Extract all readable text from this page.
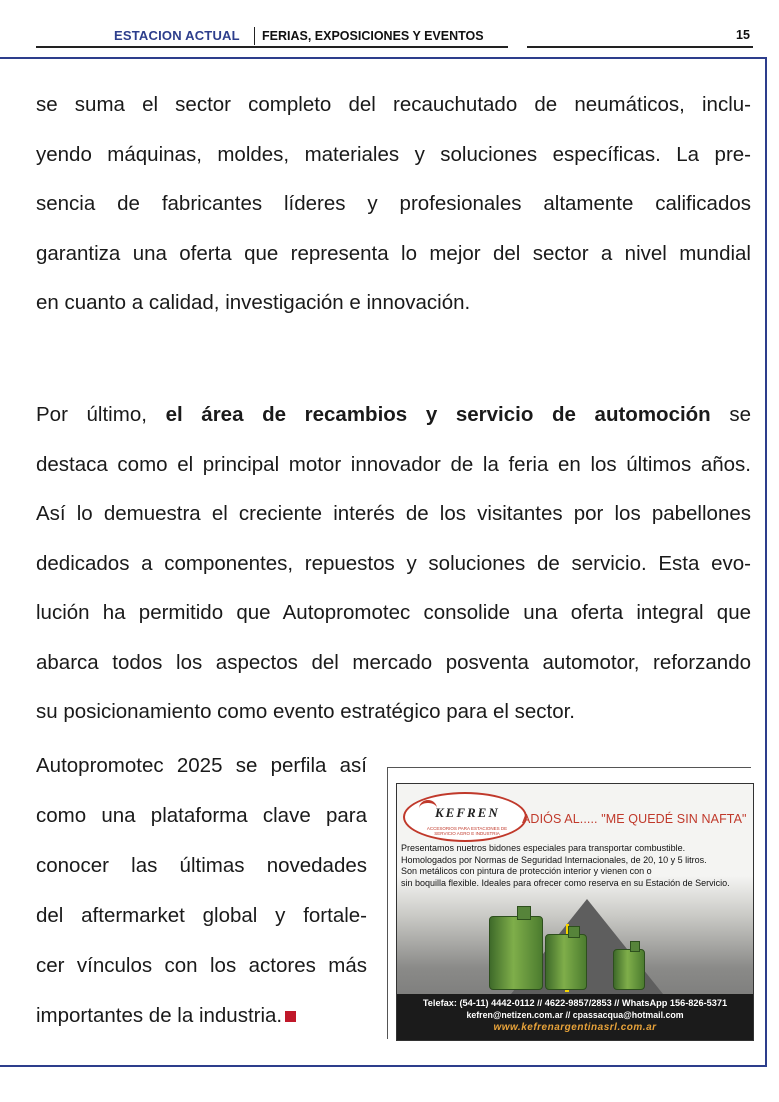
ESTACION ACTUAL FERIAS, EXPOSICIONES Y EVENTOS	15
se suma el sector completo del recauchutado de neumáticos, inclu-
yendo máquinas, moldes, materiales y soluciones específicas. La pre-
sencia de fabricantes líderes y profesionales altamente calificados
garantiza una oferta que representa lo mejor del sector a nivel mundial
en cuanto a calidad, investigación e innovación.
Por último, el área de recambios y servicio de automoción se
destaca como el principal motor innovador de la feria en los últimos años.
Así lo demuestra el creciente interés de los visitantes por los pabellones
dedicados a componentes, repuestos y soluciones de servicio. Esta evo-
lución ha permitido que Autopromotec consolide una oferta integral que
abarca todos los aspectos del mercado posventa automotor, reforzando
su posicionamiento como evento estratégico para el sector.
Autopromotec 2025 se perfila así
como una plataforma clave para
conocer las últimas novedades
del aftermarket global y fortale-
cer vínculos con los actores más
importantes de la industria.
KEFREN
ACCESORIOS PARA ESTACIONES DE SERVICIO AGRO E INDUSTRIA
ADIÓS AL..... "ME QUEDÉ SIN NAFTA"
Presentamos nuetros bidones especiales para transportar combustible.
Homologados por Normas de Seguridad Internacionales, de 20, 10 y 5 litros.
Son metálicos con pintura de protección interior y vienen con o
sin boquilla flexible. Ideales para ofrecer como reserva en su Estación de Servicio.
Telefax: (54-11) 4442-0112 // 4622-9857/2853 // WhatsApp 156-826-5371
kefren@netizen.com.ar // cpassacqua@hotmail.com
www.kefrenargentinasrl.com.ar
